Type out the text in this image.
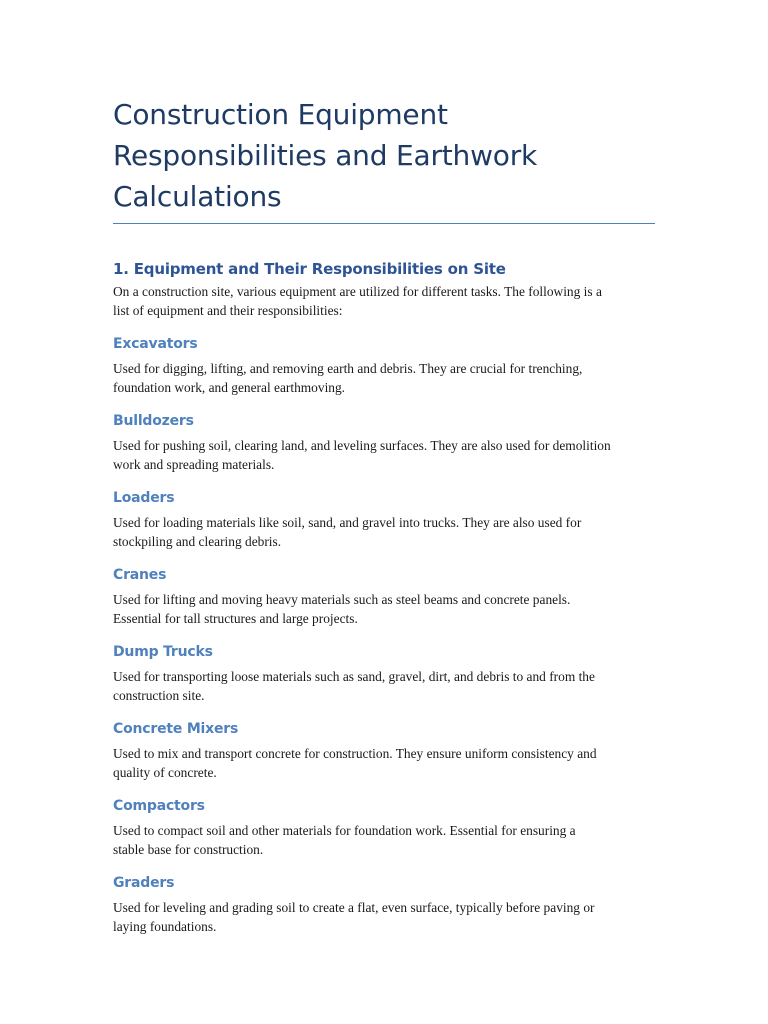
Construction Equipment
Responsibilities and Earthwork
Calculations
1. Equipment and Their Responsibilities on Site

On a construction site, various equipment are utilized for different tasks. The following is a
list of equipment and their responsibilities:

Excavators

Used for digging, lifting, and removing earth and debris. They are crucial for trenching,
foundation work, and general earthmoving.

Bulldozers

Used for pushing soil, clearing land, and leveling surfaces. They are also used for demolition
work and spreading materials.

Loaders

Used for loading materials like soil, sand, and gravel into trucks. They are also used for
stockpiling and clearing debris.

Cranes

Used for lifting and moving heavy materials such as steel beams and concrete panels.
Essential for tall structures and large projects.

Dump Trucks

Used for transporting loose materials such as sand, gravel, dirt, and debris to and from the
construction site.

Concrete Mixers

Used to mix and transport concrete for construction. They ensure uniform consistency and
quality of concrete.

Compactors

Used to compact soil and other materials for foundation work. Essential for ensuring a
stable base for construction.

Graders

Used for leveling and grading soil to create a flat, even surface, typically before paving or
laying foundations.
